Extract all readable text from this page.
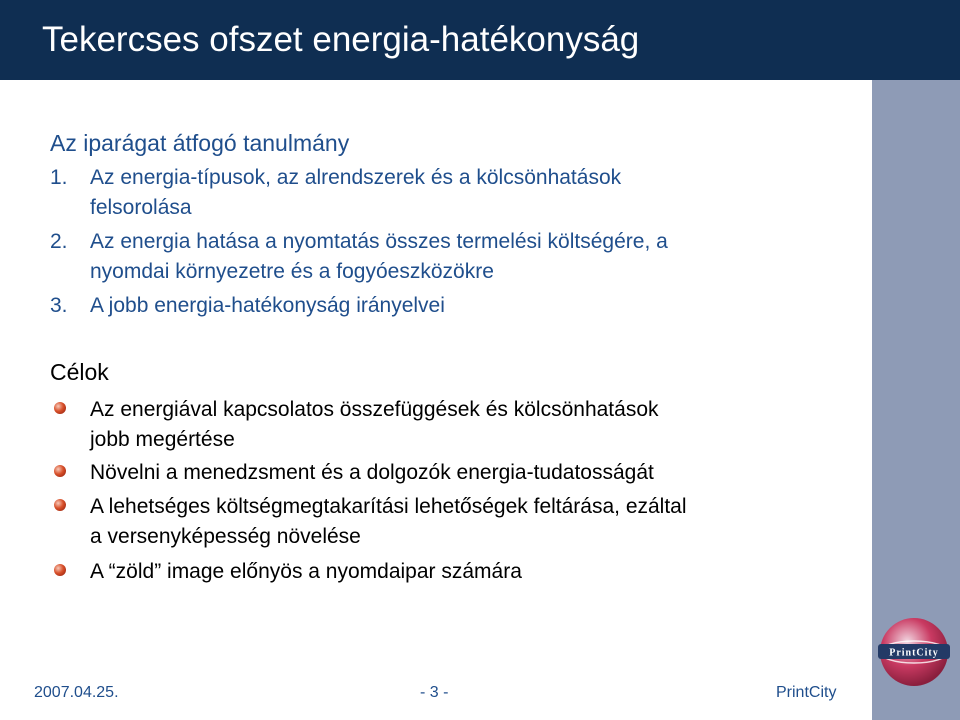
Tekercses ofszet energia-hatékonyság
PrintCity
Az iparágat átfogó tanulmány
1. Az energia-típusok, az alrendszerek és a kölcsönhatások
felsorolása
2. Az energia hatása a nyomtatás összes termelési költségére, a
nyomdai környezetre és a fogyóeszközökre
3. A jobb energia-hatékonyság irányelvei
Célok
Az energiával kapcsolatos összefüggések és kölcsönhatások
jobb megértése
Növelni a menedzsment és a dolgozók energia-tudatosságát
A lehetséges költségmegtakarítási lehetőségek feltárása, ezáltal
a versenyképesség növelése
A “zöld” image előnyös a nyomdaipar számára
2007.04.25.	- 3 -	PrintCity
